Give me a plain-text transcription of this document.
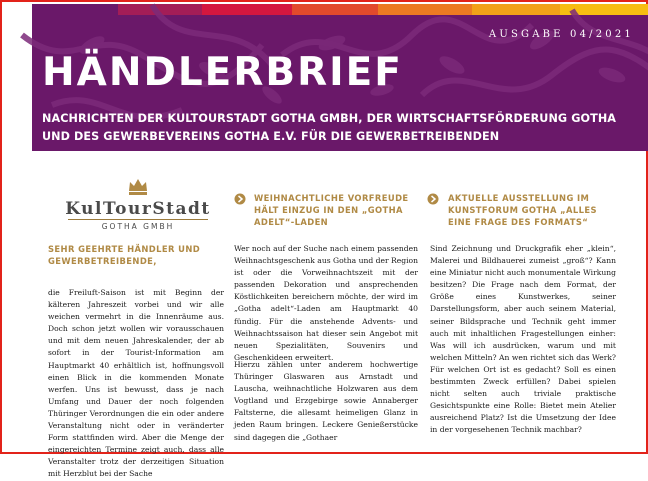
AUSGABE 04/2021
HÄNDLERBRIEF
NACHRICHTEN DER KULTOURSTADT GOTHA GMBH, DER WIRTSCHAFTSFÖRDERUNG GOTHA UND DES GEWERBEVEREINS GOTHA E.V. FÜR DIE GEWERBETREIBENDEN
KulTourStadt
GOTHA GMBH
SEHR GEEHRTE HÄNDLER UND GEWERBETREIBENDE,
die Freiluft-Saison ist mit Beginn der kälteren Jahreszeit vorbei und wir alle weichen vermehrt in die Innenräume aus. Doch schon jetzt wollen wir vorausschauen und mit dem neuen Jahreskalender, der ab sofort in der Tourist-Information am Hauptmarkt 40 erhältlich ist, hoffnungsvoll einen Blick in die kommenden Monate werfen. Uns ist bewusst, dass je nach Umfang und Dauer der noch folgenden Thüringer Verordnungen die ein oder andere Veranstaltung nicht oder in veränderter Form stattfinden wird. Aber die Menge der eingereichten Termine zeigt auch, dass alle Veranstalter trotz der derzeitigen Situation mit Herzblut bei der Sache
WEIHNACHTLICHE VORFREUDE HÄLT EINZUG IN DEN „GOTHA ADELT“-LADEN
Wer noch auf der Suche nach einem passenden Weihnachtsgeschenk aus Gotha und der Region ist oder die Vorweihnachtszeit mit der passenden Dekoration und ansprechenden Köstlichkeiten bereichern möchte, der wird im „Gotha adelt“-Laden am Hauptmarkt 40 fündig. Für die anstehende Advents- und Weihnachtssaison hat dieser sein Angebot mit neuen Spezialitäten, Souvenirs und Geschenkideen erweitert.
Hierzu zählen unter anderem hochwertige Thüringer Glaswaren aus Arnstadt und Lauscha, weihnachtliche Holzwaren aus dem Vogtland und Erzgebirge sowie Annaberger Faltsterne, die allesamt heimeligen Glanz in jeden Raum bringen. Leckere Genießerstücke sind dagegen die „Gothaer
AKTUELLE AUSSTELLUNG IM KUNSTFORUM GOTHA „ALLES EINE FRAGE DES FORMATS“
Sind Zeichnung und Druckgrafik eher „klein“, Malerei und Bildhauerei zumeist „groß“? Kann eine Miniatur nicht auch monumentale Wirkung besitzen? Die Frage nach dem Format, der Größe eines Kunstwerkes, seiner Darstellungsform, aber auch seinem Material, seiner Bildsprache und Technik geht immer auch mit inhaltlichen Fragestellungen einher: Was will ich ausdrücken, warum und mit welchen Mitteln? An wen richtet sich das Werk? Für welchen Ort ist es gedacht? Soll es einen bestimmten Zweck erfüllen? Dabei spielen nicht selten auch triviale praktische Gesichtspunkte eine Rolle: Bietet mein Atelier ausreichend Platz? Ist die Umsetzung der Idee in der vorgesehenen Technik machbar?
